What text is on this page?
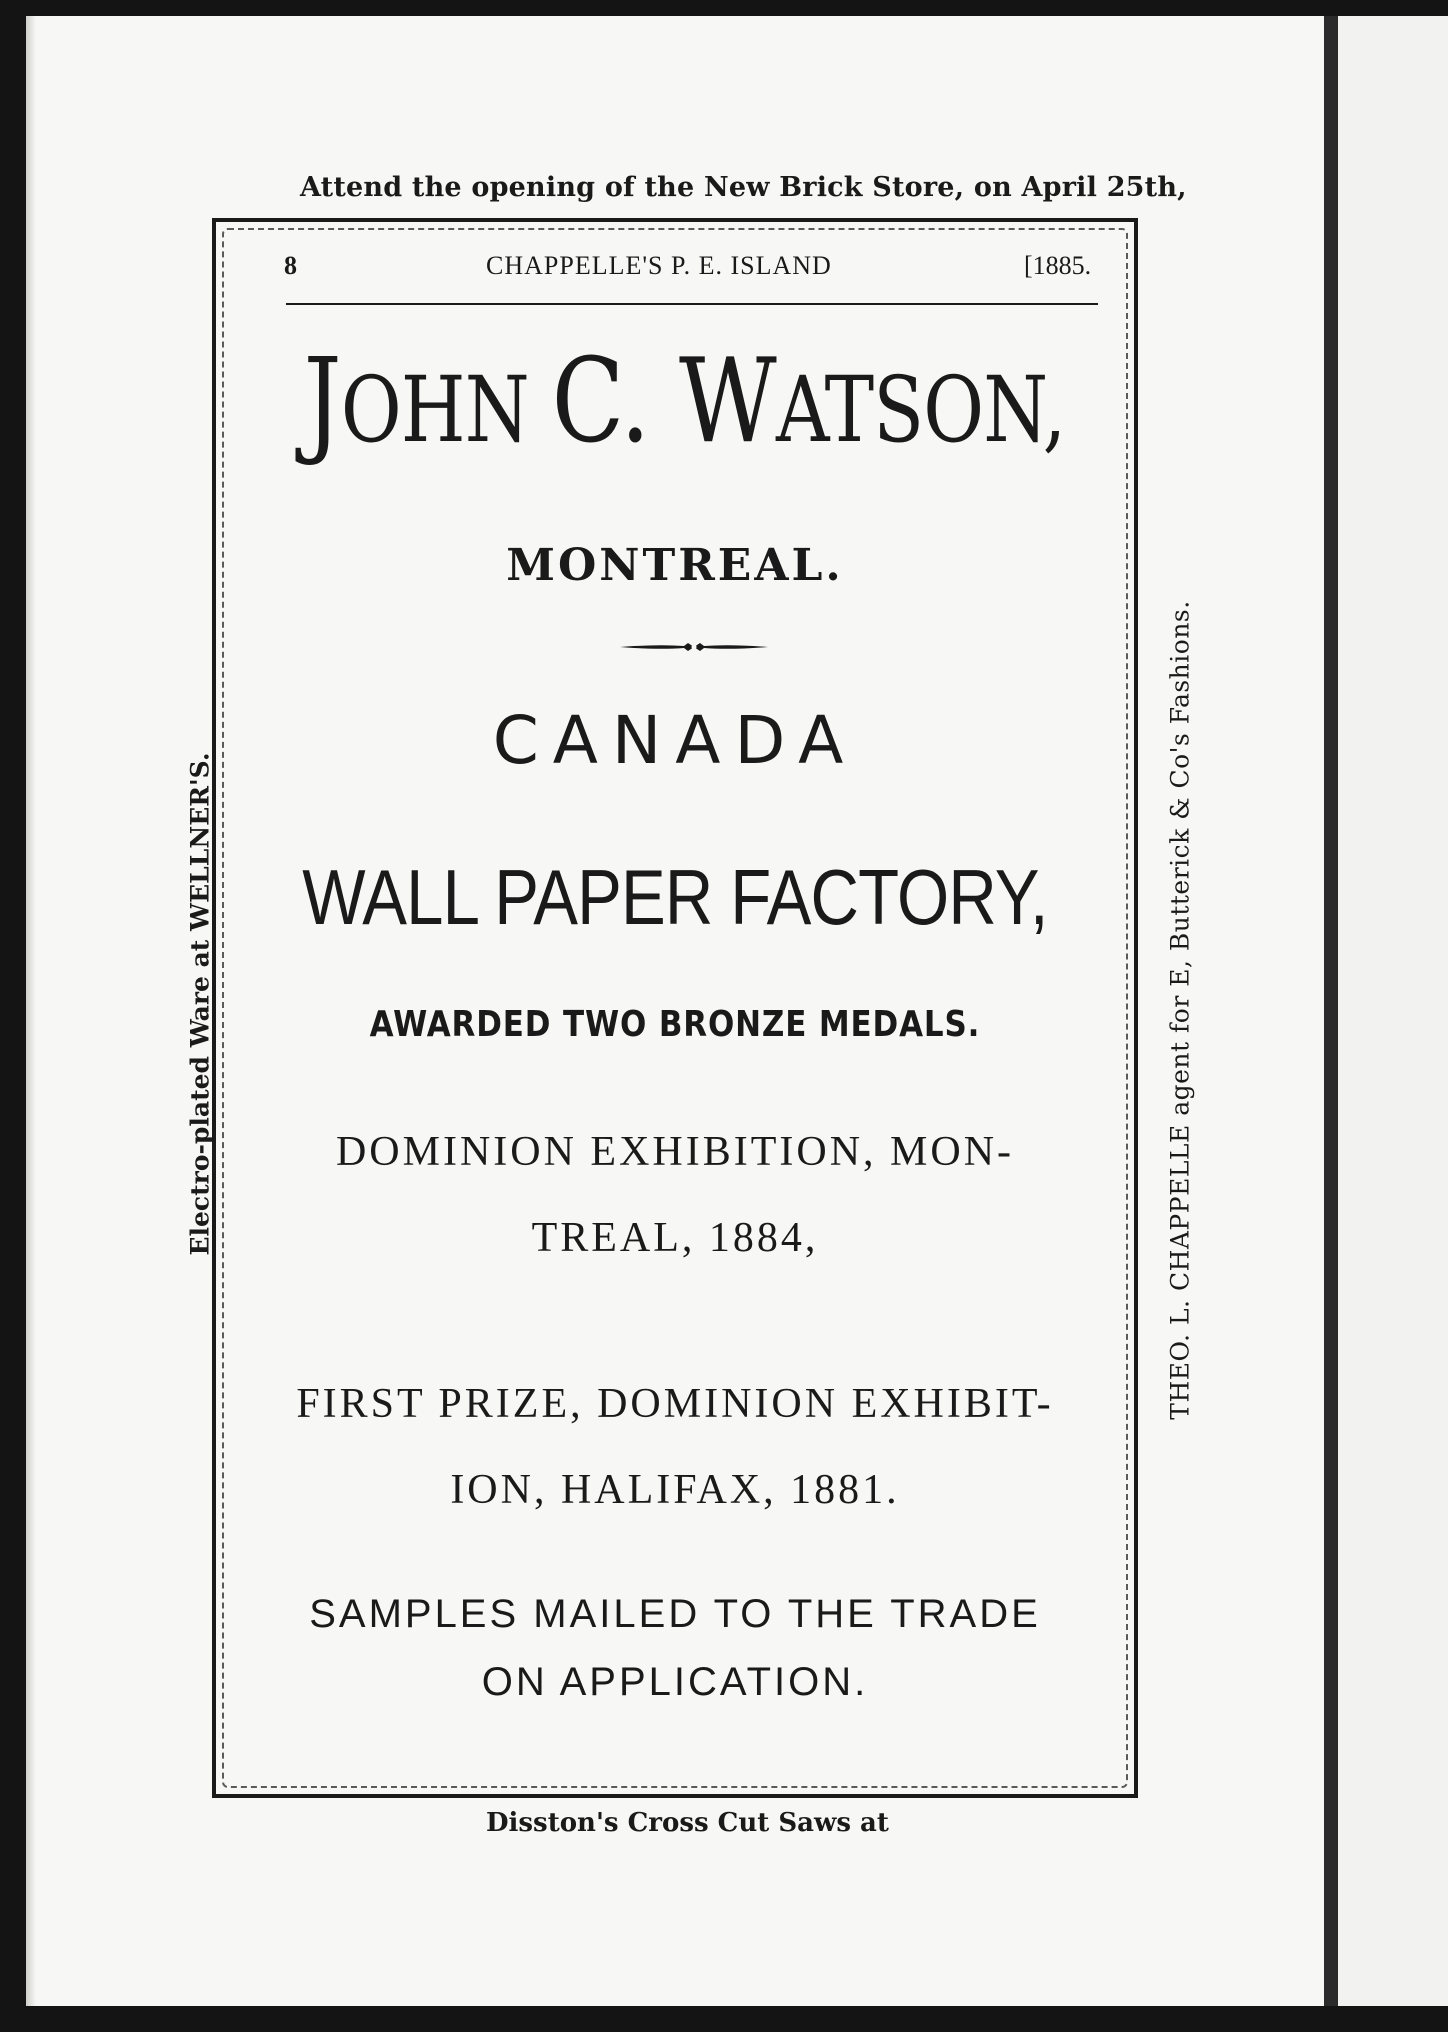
Attend the opening of the New Brick Store, on April 25th,
Electro-plated Ware at WELLNER'S.	THEO. L. CHAPPELLE agent for E, Butterick & Co's Fashions.
8	CHAPPELLE'S P. E. ISLAND	[1885.
JOHN C. WATSON,
MONTREAL.
CANADA
WALL PAPER FACTORY,
AWARDED TWO BRONZE MEDALS.
DOMINION EXHIBITION, MON-
TREAL, 1884,
FIRST PRIZE, DOMINION EXHIBIT-
ION, HALIFAX, 1881.
SAMPLES MAILED TO THE TRADE
ON APPLICATION.
Disston's Cross Cut Saws at
